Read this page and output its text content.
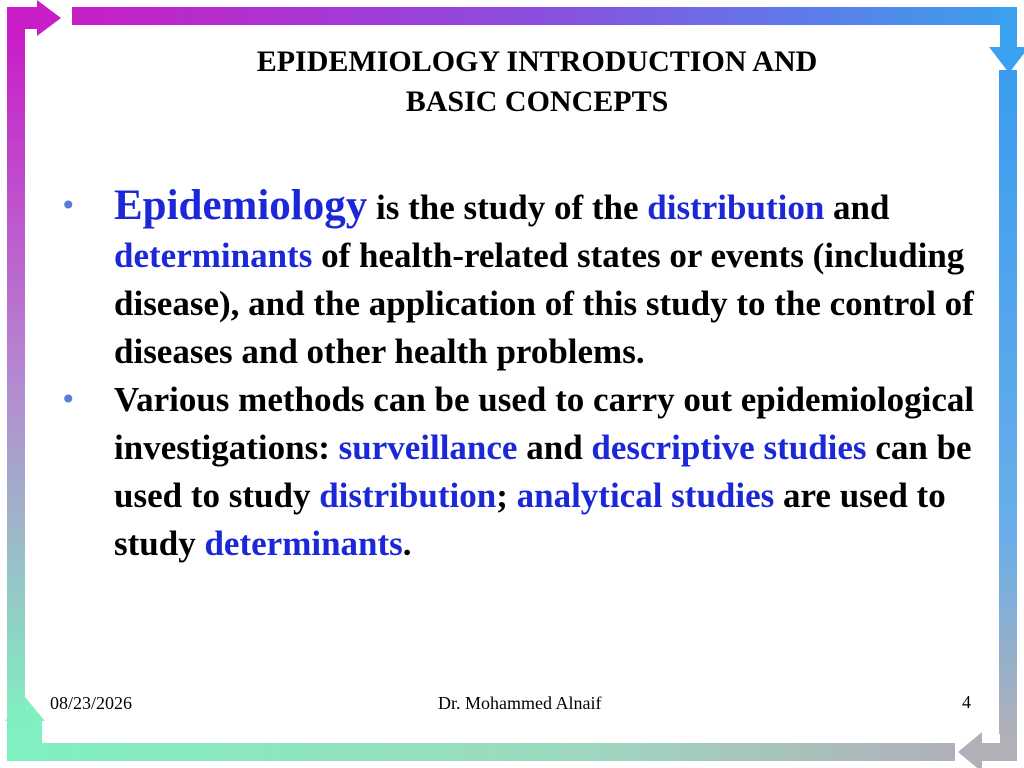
EPIDEMIOLOGY INTRODUCTION AND
BASIC CONCEPTS
• Epidemiology is the study of the distribution and determinants of health-related states or events (including disease), and the application of this study to the control of diseases and other health problems.
• Various methods can be used to carry out epidemiological investigations: surveillance and descriptive studies can be used to study distribution; analytical studies are used to study determinants.
08/23/2026	Dr. Mohammed Alnaif	4
